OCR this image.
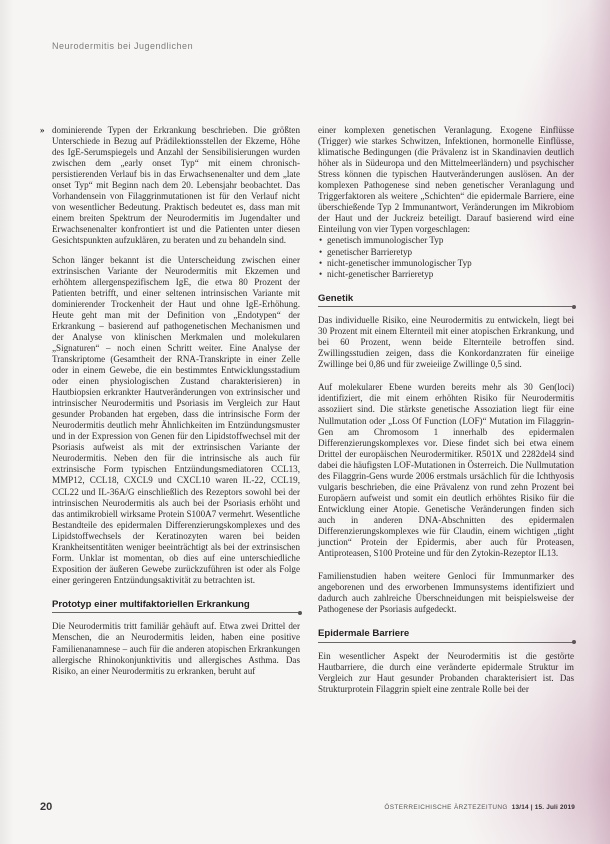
Neurodermitis bei Jugendlichen
» dominierende Typen der Erkrankung beschrieben. Die größten Unterschiede in Bezug auf Prädilektionsstellen der Ekzeme, Höhe des IgE-Serumspiegels und Anzahl der Sensibilisierungen wurden zwischen dem „early onset Typ“ mit einem chronisch-persistierenden Verlauf bis in das Erwachsenenalter und dem „late onset Typ“ mit Beginn nach dem 20. Lebensjahr beobachtet. Das Vorhandensein von Filaggrinmutationen ist für den Verlauf nicht von wesentlicher Bedeutung. Praktisch bedeutet es, dass man mit einem breiten Spektrum der Neurodermitis im Jugendalter und Erwachsenenalter konfrontiert ist und die Patienten unter diesen Gesichtspunkten aufzuklären, zu beraten und zu behandeln sind.

Schon länger bekannt ist die Unterscheidung zwischen einer extrinsischen Variante der Neurodermitis mit Ekzemen und erhöhtem allergenspezifischem IgE, die etwa 80 Prozent der Patienten betrifft, und einer seltenen intrinsischen Variante mit dominierender Trockenheit der Haut und ohne IgE-Erhöhung. Heute geht man mit der Definition von „Endotypen“ der Erkrankung – basierend auf pathogenetischen Mechanismen und der Analyse von klinischen Merkmalen und molekularen „Signaturen“ – noch einen Schritt weiter. Eine Analyse der Transkriptome (Gesamtheit der RNA-Transkripte in einer Zelle oder in einem Gewebe, die ein bestimmtes Entwicklungsstadium oder einen physiologischen Zustand charakterisieren) in Hautbiopsien erkrankter Hautveränderungen von extrinsischer und intrinsischer Neurodermitis und Psoriasis im Vergleich zur Haut gesunder Probanden hat ergeben, dass die intrinsische Form der Neurodermitis deutlich mehr Ähnlichkeiten im Entzündungsmuster und in der Expression von Genen für den Lipidstoffwechsel mit der Psoriasis aufweist als mit der extrinsischen Variante der Neurodermitis. Neben den für die intrinsische als auch für extrinsische Form typischen Entzündungsmediatoren CCL13, MMP12, CCL18, CXCL9 und CXCL10 waren IL-22, CCL19, CCL22 und IL-36A/G einschließlich des Rezeptors sowohl bei der intrinsischen Neurodermitis als auch bei der Psoriasis erhöht und das antimikrobiell wirksame Protein S100A7 vermehrt. Wesentliche Bestandteile des epidermalen Differenzierungskomplexes und des Lipidstoffwechsels der Keratinozyten waren bei beiden Krankheitsentitäten weniger beeinträchtigt als bei der extrinsischen Form. Unklar ist momentan, ob dies auf eine unterschiedliche Exposition der äußeren Gewebe zurückzuführen ist oder als Folge einer geringeren Entzündungsaktivität zu betrachten ist.

Prototyp einer multifaktoriellen Erkrankung

Die Neurodermitis tritt familiär gehäuft auf. Etwa zwei Drittel der Menschen, die an Neurodermitis leiden, haben eine positive Familienanamnese – auch für die anderen atopischen Erkrankungen allergische Rhinokonjunktivitis und allergisches Asthma. Das Risiko, an einer Neurodermitis zu erkranken, beruht auf

einer komplexen genetischen Veranlagung. Exogene Einflüsse (Trigger) wie starkes Schwitzen, Infektionen, hormonelle Einflüsse, klimatische Bedingungen (die Prävalenz ist in Skandinavien deutlich höher als in Südeuropa und den Mittelmeerländern) und psychischer Stress können die typischen Hautveränderungen auslösen. An der komplexen Pathogenese sind neben genetischer Veranlagung und Triggerfaktoren als weitere „Schichten“ die epidermale Barriere, eine überschießende Typ 2 Immunantwort, Veränderungen im Mikrobiom der Haut und der Juckreiz beteiligt. Darauf basierend wird eine Einteilung von vier Typen vorgeschlagen:

• genetisch immunologischer Typ
• genetischer Barrieretyp
• nicht-genetischer immunologischer Typ
• nicht-genetischer Barrieretyp
Genetik

Das individuelle Risiko, eine Neurodermitis zu entwickeln, liegt bei 30 Prozent mit einem Elternteil mit einer atopischen Erkrankung, und bei 60 Prozent, wenn beide Elternteile betroffen sind. Zwillingsstudien zeigen, dass die Konkordanzraten für eineiige Zwillinge bei 0,86 und für zweieiige Zwillinge 0,5 sind.

Auf molekularer Ebene wurden bereits mehr als 30 Gen(loci) identifiziert, die mit einem erhöhten Risiko für Neurodermitis assoziiert sind. Die stärkste genetische Assoziation liegt für eine Nullmutation oder „Loss Of Function (LOF)“ Mutation im Filaggrin-Gen am Chromosom 1 innerhalb des epidermalen Differenzierungskomplexes vor. Diese findet sich bei etwa einem Drittel der europäischen Neurodermitiker. R501X und 2282del4 sind dabei die häufigsten LOF-Mutationen in Österreich. Die Nullmutation des Filaggrin-Gens wurde 2006 erstmals ursächlich für die Ichthyosis vulgaris beschrieben, die eine Prävalenz von rund zehn Prozent bei Europäern aufweist und somit ein deutlich erhöhtes Risiko für die Entwicklung einer Atopie. Genetische Veränderungen finden sich auch in anderen DNA-Abschnitten des epidermalen Differenzierungskomplexes wie für Claudin, einem wichtigen „tight junction“ Protein der Epidermis, aber auch für Proteasen, Antiproteasen, S100 Proteine und für den Zytokin-Rezeptor IL13.

Familienstudien haben weitere Genloci für Immunmarker des angeborenen und des erworbenen Immunsystems identifiziert und dadurch auch zahlreiche Überschneidungen mit beispielsweise der Pathogenese der Psoriasis aufgedeckt.

Epidermale Barriere

Ein wesentlicher Aspekt der Neurodermitis ist die gestörte Hautbarriere, die durch eine veränderte epidermale Struktur im Vergleich zur Haut gesunder Probanden charakterisiert ist. Das Strukturprotein Filaggrin spielt eine zentrale Rolle bei der

20	ÖSTERREICHISCHE ÄRZTEZEITUNG 13/14 | 15. Juli 2019
